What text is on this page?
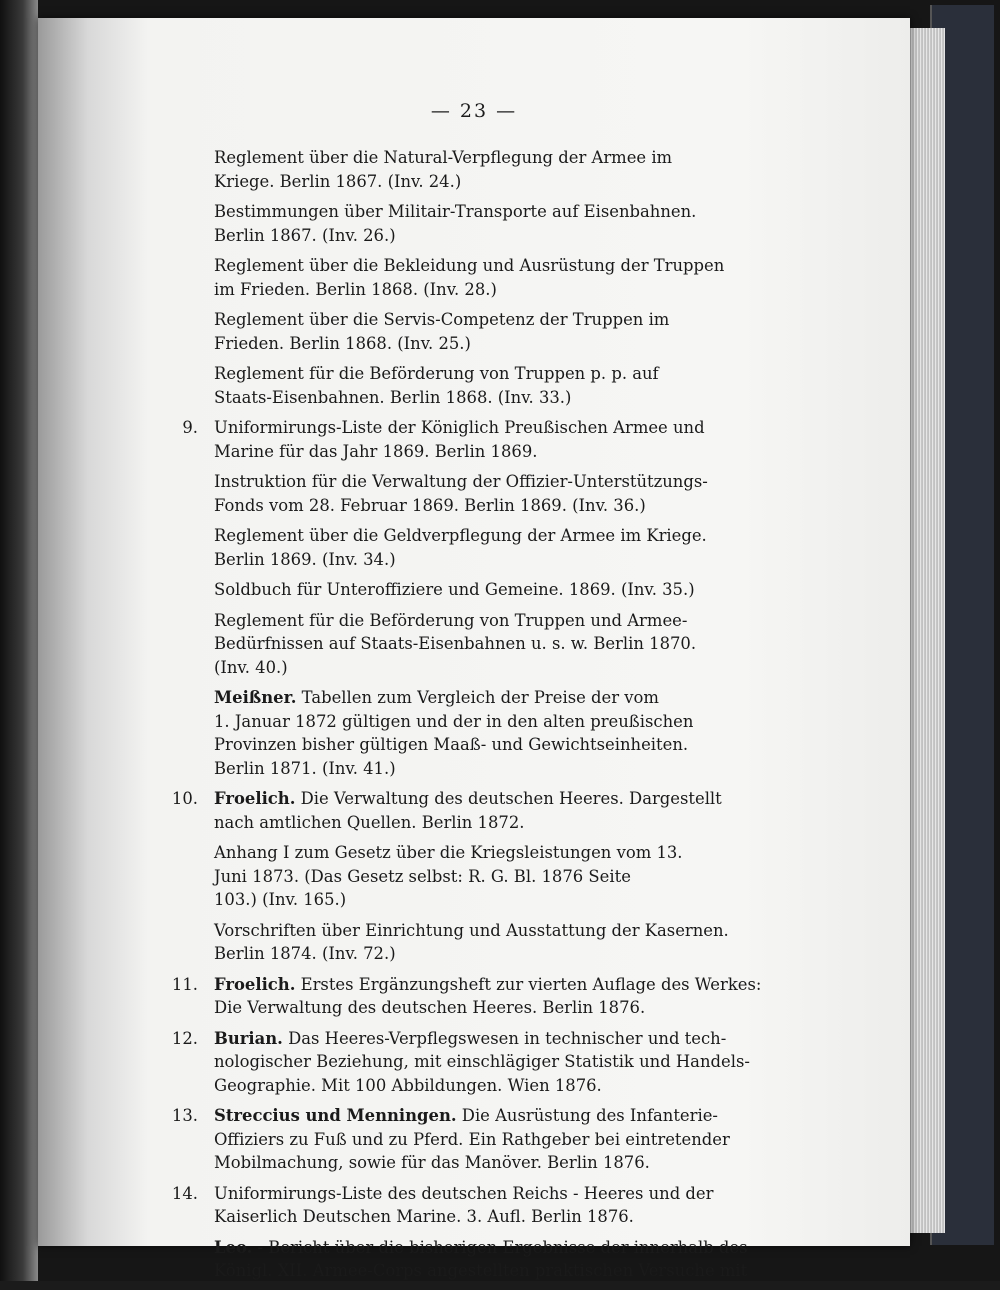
— 23 —
Reglement über die Natural-Verpflegung der Armee im
Kriege. Berlin 1867. (Inv. 24.)
Bestimmungen über Militair-Transporte auf Eisenbahnen.
Berlin 1867. (Inv. 26.)
Reglement über die Bekleidung und Ausrüstung der Truppen
im Frieden. Berlin 1868. (Inv. 28.)
Reglement über die Servis-Competenz der Truppen im
Frieden. Berlin 1868. (Inv. 25.)
Reglement für die Beförderung von Truppen p. p. auf
Staats-Eisenbahnen. Berlin 1868. (Inv. 33.)
9. Uniformirungs-Liste der Königlich Preußischen Armee und
Marine für das Jahr 1869. Berlin 1869.
Instruktion für die Verwaltung der Offizier-Unterstützungs-
Fonds vom 28. Februar 1869. Berlin 1869. (Inv. 36.)
Reglement über die Geldverpflegung der Armee im Kriege.
Berlin 1869. (Inv. 34.)
Soldbuch für Unteroffiziere und Gemeine. 1869. (Inv. 35.)
Reglement für die Beförderung von Truppen und Armee-
Bedürfnissen auf Staats-Eisenbahnen u. s. w. Berlin 1870.
(Inv. 40.)
Meißner. Tabellen zum Vergleich der Preise der vom
1. Januar 1872 gültigen und der in den alten preußischen
Provinzen bisher gültigen Maaß- und Gewichtseinheiten.
Berlin 1871. (Inv. 41.)
10. Froelich. Die Verwaltung des deutschen Heeres. Dargestellt
nach amtlichen Quellen. Berlin 1872.
Anhang I zum Gesetz über die Kriegsleistungen vom 13.
Juni 1873. (Das Gesetz selbst: R. G. Bl. 1876 Seite
103.) (Inv. 165.)
Vorschriften über Einrichtung und Ausstattung der Kasernen.
Berlin 1874. (Inv. 72.)
11. Froelich. Erstes Ergänzungsheft zur vierten Auflage des Werkes:
Die Verwaltung des deutschen Heeres. Berlin 1876.
12. Burian. Das Heeres-Verpflegswesen in technischer und tech-
nologischer Beziehung, mit einschlägiger Statistik und Handels-
Geographie. Mit 100 Abbildungen. Wien 1876.
13. Streccius und Menningen. Die Ausrüstung des Infanterie-
Offiziers zu Fuß und zu Pferd. Ein Rathgeber bei eintretender
Mobilmachung, sowie für das Manöver. Berlin 1876.
14. Uniformirungs-Liste des deutschen Reichs - Heeres und der
Kaiserlich Deutschen Marine. 3. Aufl. Berlin 1876.
Leo. - Bericht über die bisherigen Ergebnisse der innerhalb des
Königl. XII. Armee-Corps angestellten praktischen Versuche mit
